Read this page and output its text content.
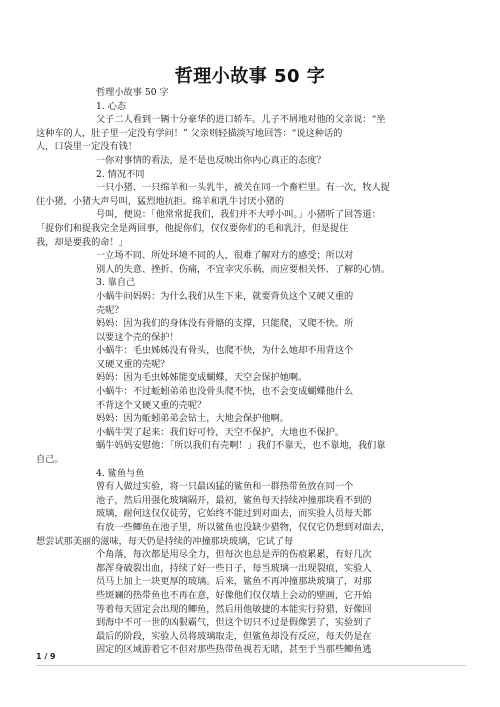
哲理小故事 50 字
哲理小故事 50 字
1. 心态
父子二人看到一辆十分豪华的进口轿车。儿子不屑地对他的父亲说：“坐
这种车的人，肚子里一定没有学问！” 父亲则轻描淡写地回答：“说这种话的
人，口袋里一定没有钱！
一你对事情的看法，是不是也反映出你内心真正的态度？
2. 情况不同
一只小猪、一只绵羊和一头乳牛，被关在同一个畜栏里。有一次，牧人捉
住小猪，小猪大声号叫，猛烈地抗拒。绵羊和乳牛讨厌小猪的
号叫，便说：「他常常捉我们，我们并不大呼小叫。」小猪听了回答道：
「捉你们和捉我完全是两回事，他捉你们，仅仅要你们的毛和乳汁，但是捉住
我，却是要我的命！」
一立场不同、所处环境不同的人，很难了解对方的感受；所以对
别人的失意、挫折、伤痛，不宜幸灾乐祸，而应要相关怀、了解的心情。
3. 靠自己
小蜗牛问妈妈：为什么我们从生下来，就要背负这个又硬又重的
壳呢？
妈妈：因为我们的身体没有骨骼的支撑，只能爬，又爬不快。所
以要这个壳的保护！
小蜗牛：毛虫姊姊没有骨头，也爬不快，为什么她却不用背这个
又硬又重的壳呢？
妈妈：因为毛虫姊姊能变成蝴蝶，天空会保护她啊。
小蜗牛：不过蚯蚓弟弟也没骨头爬不快，也不会变成蝴蝶他什么
不背这个又硬又重的壳呢？
妈妈：因为蚯蚓弟弟会钻土，大地会保护他啊。
小蜗牛哭了起来：我们好可怜，天空不保护，大地也不保护。
蜗牛妈妈安慰他：「所以我们有壳啊！」我们不靠天，也不靠地，我们靠
自己。
4. 鲨鱼与鱼
曾有人做过实验，将一只最凶猛的鲨鱼和一群热带鱼放在同一个
池子，然后用强化玻璃隔开，最初，鲨鱼每天持续冲撞那块看不到的
玻璃，耐何这仅仅徒劳，它始终不能过到对面去，而实验人员每天都
有放一些鲫鱼在池子里，所以鲨鱼也没缺少猎物，仅仅它仍想到对面去，
想尝试那美丽的滋味，每天仍是持续的冲撞那块玻璃，它试了每
个角落，每次都是用尽全力，但每次也总是弄的伤痕累累，有好几次
都浑身破裂出血，持续了好一些日子，每当玻璃一出现裂痕，实验人
员马上加上一块更厚的玻璃。后来，鲨鱼不再冲撞那块玻璃了，对那
些斑斓的热带鱼也不再在意，好像他们仅仅墙上会动的壁画，它开始
等着每天固定会出现的鲫鱼，然后用他敏捷的本能实行狩猎，好像回
到海中不可一世的凶狠霸气，但这个切只不过是假像罢了，实验到了
最后的阶段，实验人员将玻璃取走，但鲨鱼却没有反应，每天仍是在
固定的区域游着它不但对那些热带鱼视若无睹，甚至于当那些鲫鱼逃
1 / 9
